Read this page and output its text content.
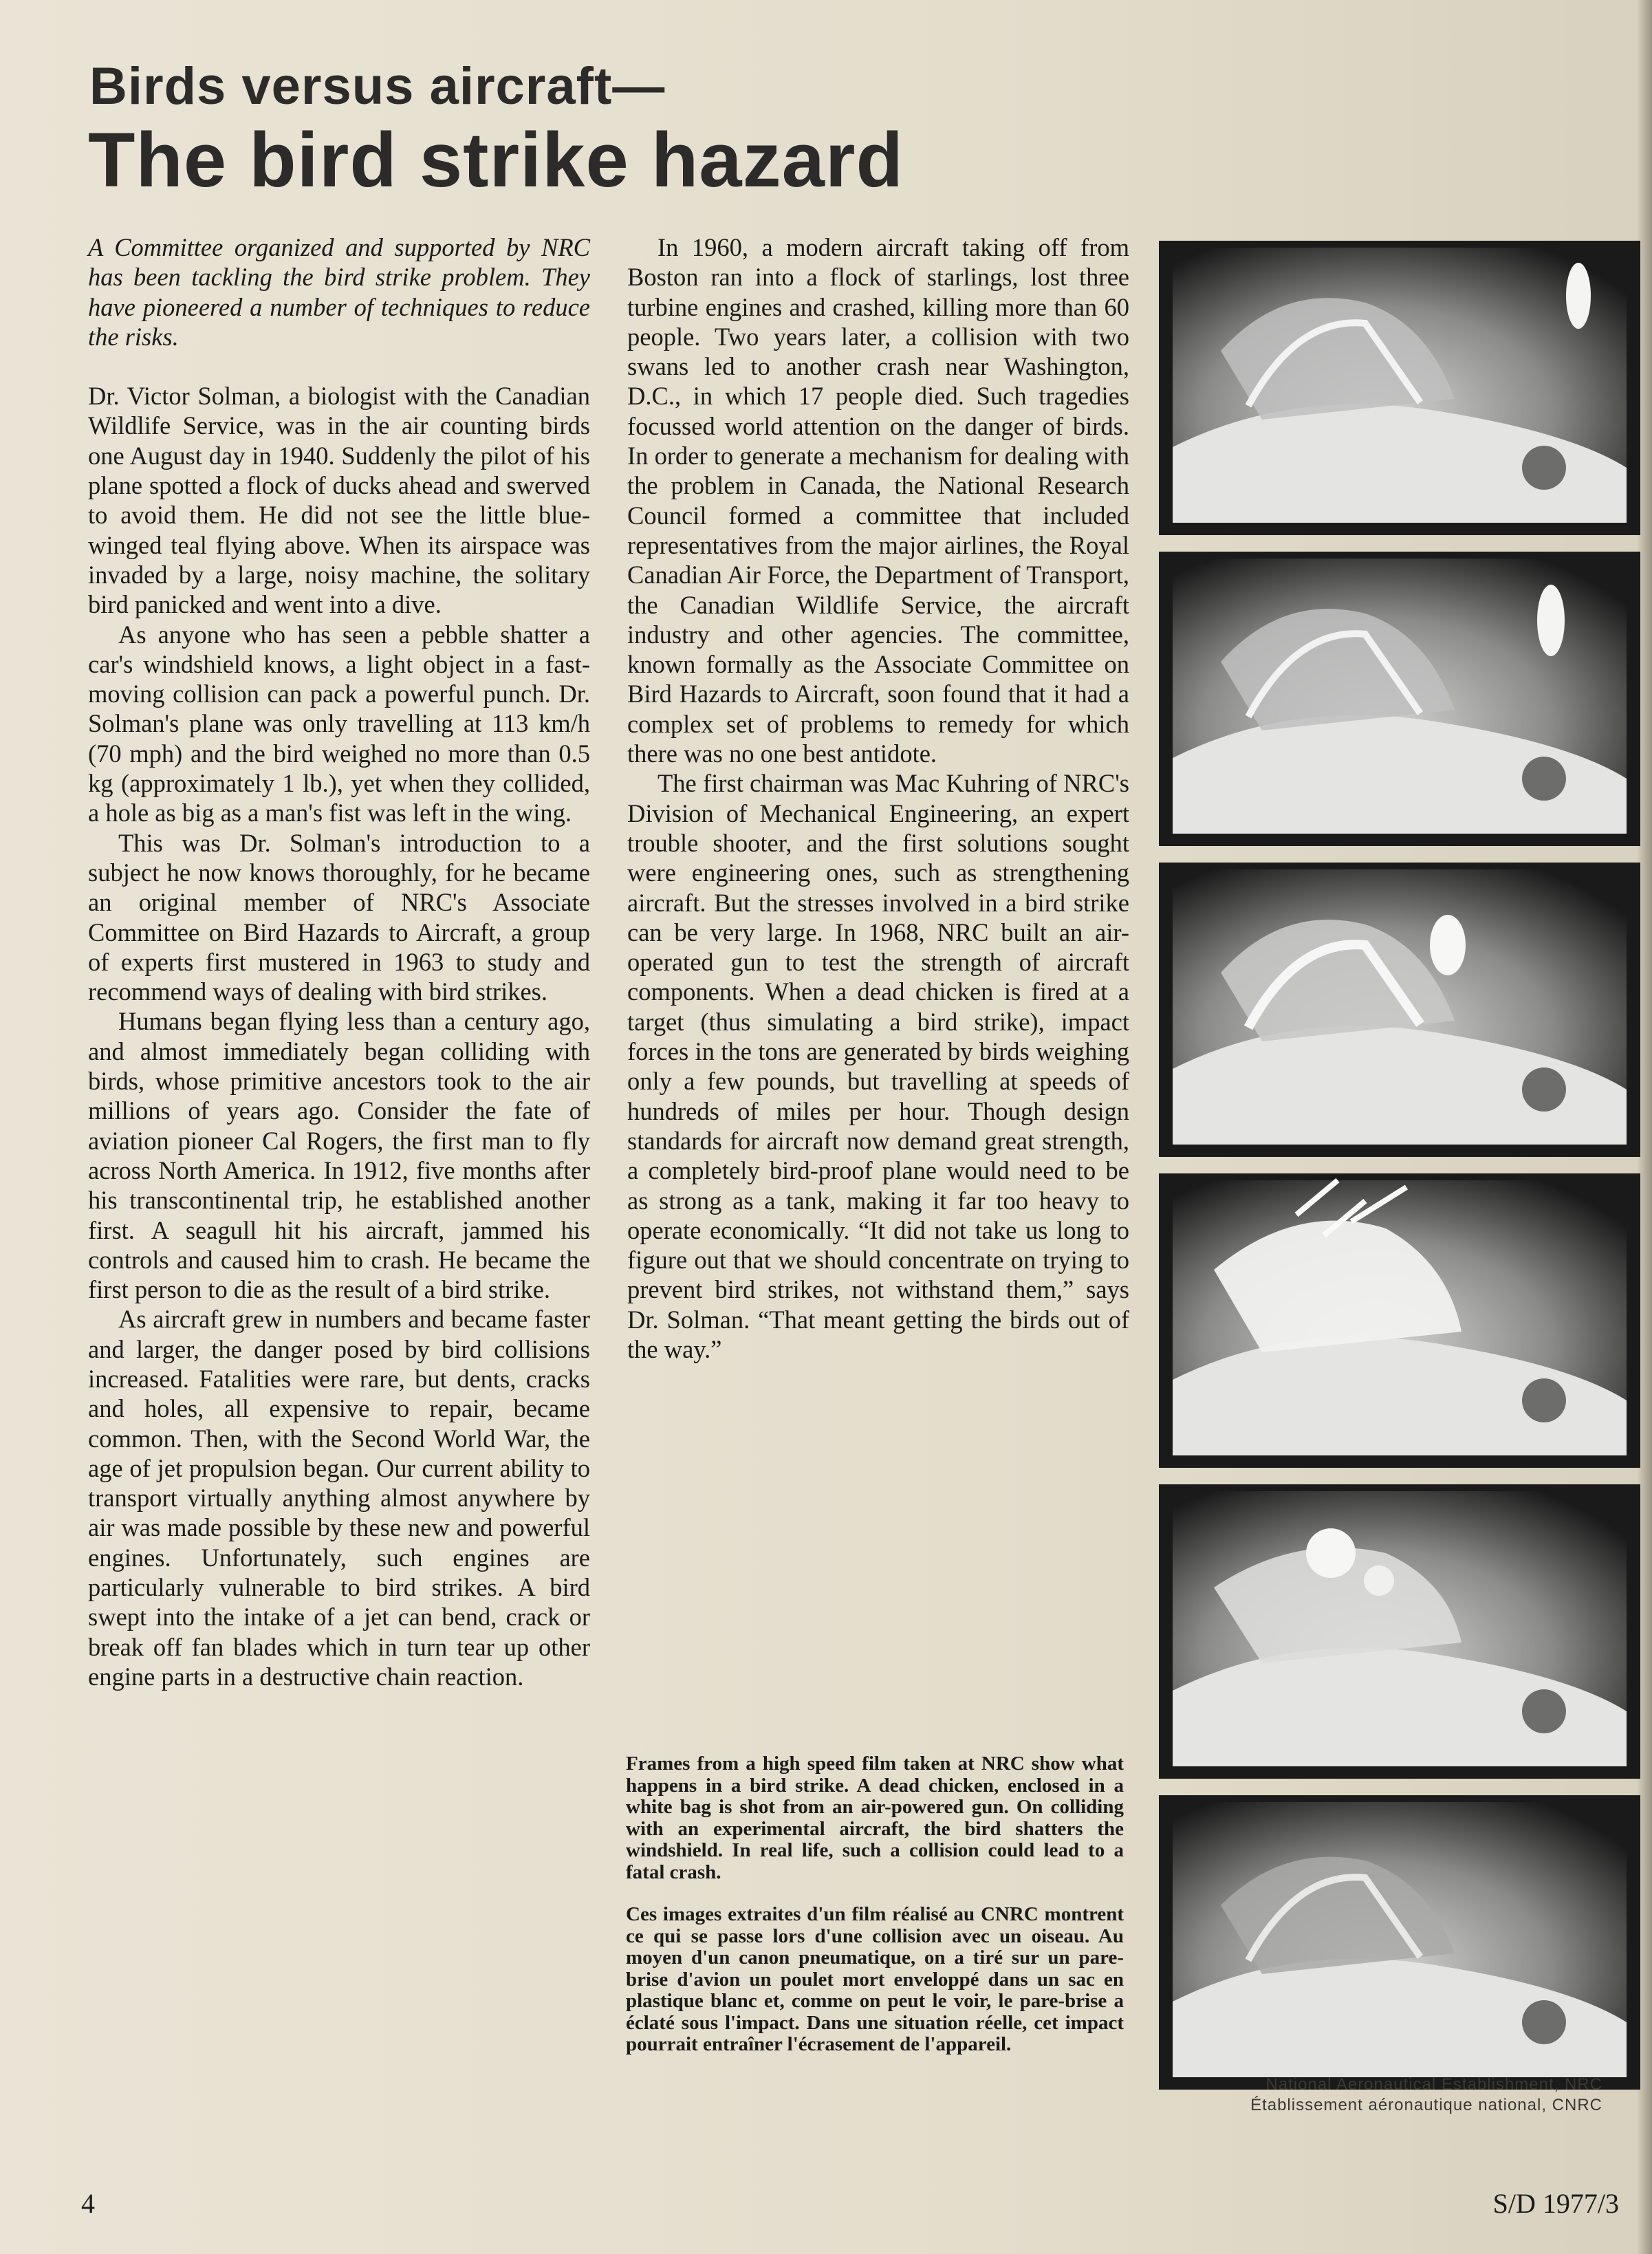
Birds versus aircraft—
The bird strike hazard

A Committee organized and supported by NRC has been tackling the bird strike problem. They have pioneered a number of techniques to reduce the risks.

Dr. Victor Solman, a biologist with the Canadian Wildlife Service, was in the air counting birds one August day in 1940. Suddenly the pilot of his plane spotted a flock of ducks ahead and swerved to avoid them. He did not see the little blue-winged teal flying above. When its airspace was invaded by a large, noisy machine, the solitary bird panicked and went into a dive.

As anyone who has seen a pebble shatter a car's windshield knows, a light object in a fast-moving collision can pack a powerful punch. Dr. Solman's plane was only travelling at 113 km/h (70 mph) and the bird weighed no more than 0.5 kg (approximately 1 lb.), yet when they collided, a hole as big as a man's fist was left in the wing.

This was Dr. Solman's introduction to a subject he now knows thoroughly, for he became an original member of NRC's Associate Committee on Bird Hazards to Aircraft, a group of experts first mustered in 1963 to study and recommend ways of dealing with bird strikes.

Humans began flying less than a century ago, and almost immediately began colliding with birds, whose primitive ancestors took to the air millions of years ago. Consider the fate of aviation pioneer Cal Rogers, the first man to fly across North America. In 1912, five months after his transcontinental trip, he established another first. A seagull hit his aircraft, jammed his controls and caused him to crash. He became the first person to die as the result of a bird strike.

As aircraft grew in numbers and became faster and larger, the danger posed by bird collisions increased. Fatalities were rare, but dents, cracks and holes, all expensive to repair, became common. Then, with the Second World War, the age of jet propulsion began. Our current ability to transport virtually anything almost anywhere by air was made possible by these new and powerful engines. Unfortunately, such engines are particularly vulnerable to bird strikes. A bird swept into the intake of a jet can bend, crack or break off fan blades which in turn tear up other engine parts in a destructive chain reaction.

In 1960, a modern aircraft taking off from Boston ran into a flock of starlings, lost three turbine engines and crashed, killing more than 60 people. Two years later, a collision with two swans led to another crash near Washington, D.C., in which 17 people died. Such tragedies focussed world attention on the danger of birds. In order to generate a mechanism for dealing with the problem in Canada, the National Research Council formed a committee that included representatives from the major airlines, the Royal Canadian Air Force, the Department of Transport, the Canadian Wildlife Service, the aircraft industry and other agencies. The committee, known formally as the Associate Committee on Bird Hazards to Aircraft, soon found that it had a complex set of problems to remedy for which there was no one best antidote.

The first chairman was Mac Kuhring of NRC's Division of Mechanical Engineering, an expert trouble shooter, and the first solutions sought were engineering ones, such as strengthening aircraft. But the stresses involved in a bird strike can be very large. In 1968, NRC built an air-operated gun to test the strength of aircraft components. When a dead chicken is fired at a target (thus simulating a bird strike), impact forces in the tons are generated by birds weighing only a few pounds, but travelling at speeds of hundreds of miles per hour. Though design standards for aircraft now demand great strength, a completely bird-proof plane would need to be as strong as a tank, making it far too heavy to operate economically. “It did not take us long to figure out that we should concentrate on trying to prevent bird strikes, not withstand them,” says Dr. Solman. “That meant getting the birds out of the way.”

Frames from a high speed film taken at NRC show what happens in a bird strike. A dead chicken, enclosed in a white bag is shot from an air-powered gun. On colliding with an experimental aircraft, the bird shatters the windshield. In real life, such a collision could lead to a fatal crash.

Ces images extraites d'un film réalisé au CNRC montrent ce qui se passe lors d'une collision avec un oiseau. Au moyen d'un canon pneumatique, on a tiré sur un pare-brise d'avion un poulet mort enveloppé dans un sac en plastique blanc et, comme on peut le voir, le pare-brise a éclaté sous l'impact. Dans une situation réelle, cet impact pourrait entraîner l'écrasement de l'appareil.

National Aeronautical Establishment, NRC
Établissement aéronautique national, CNRC
4	S/D 1977/3
